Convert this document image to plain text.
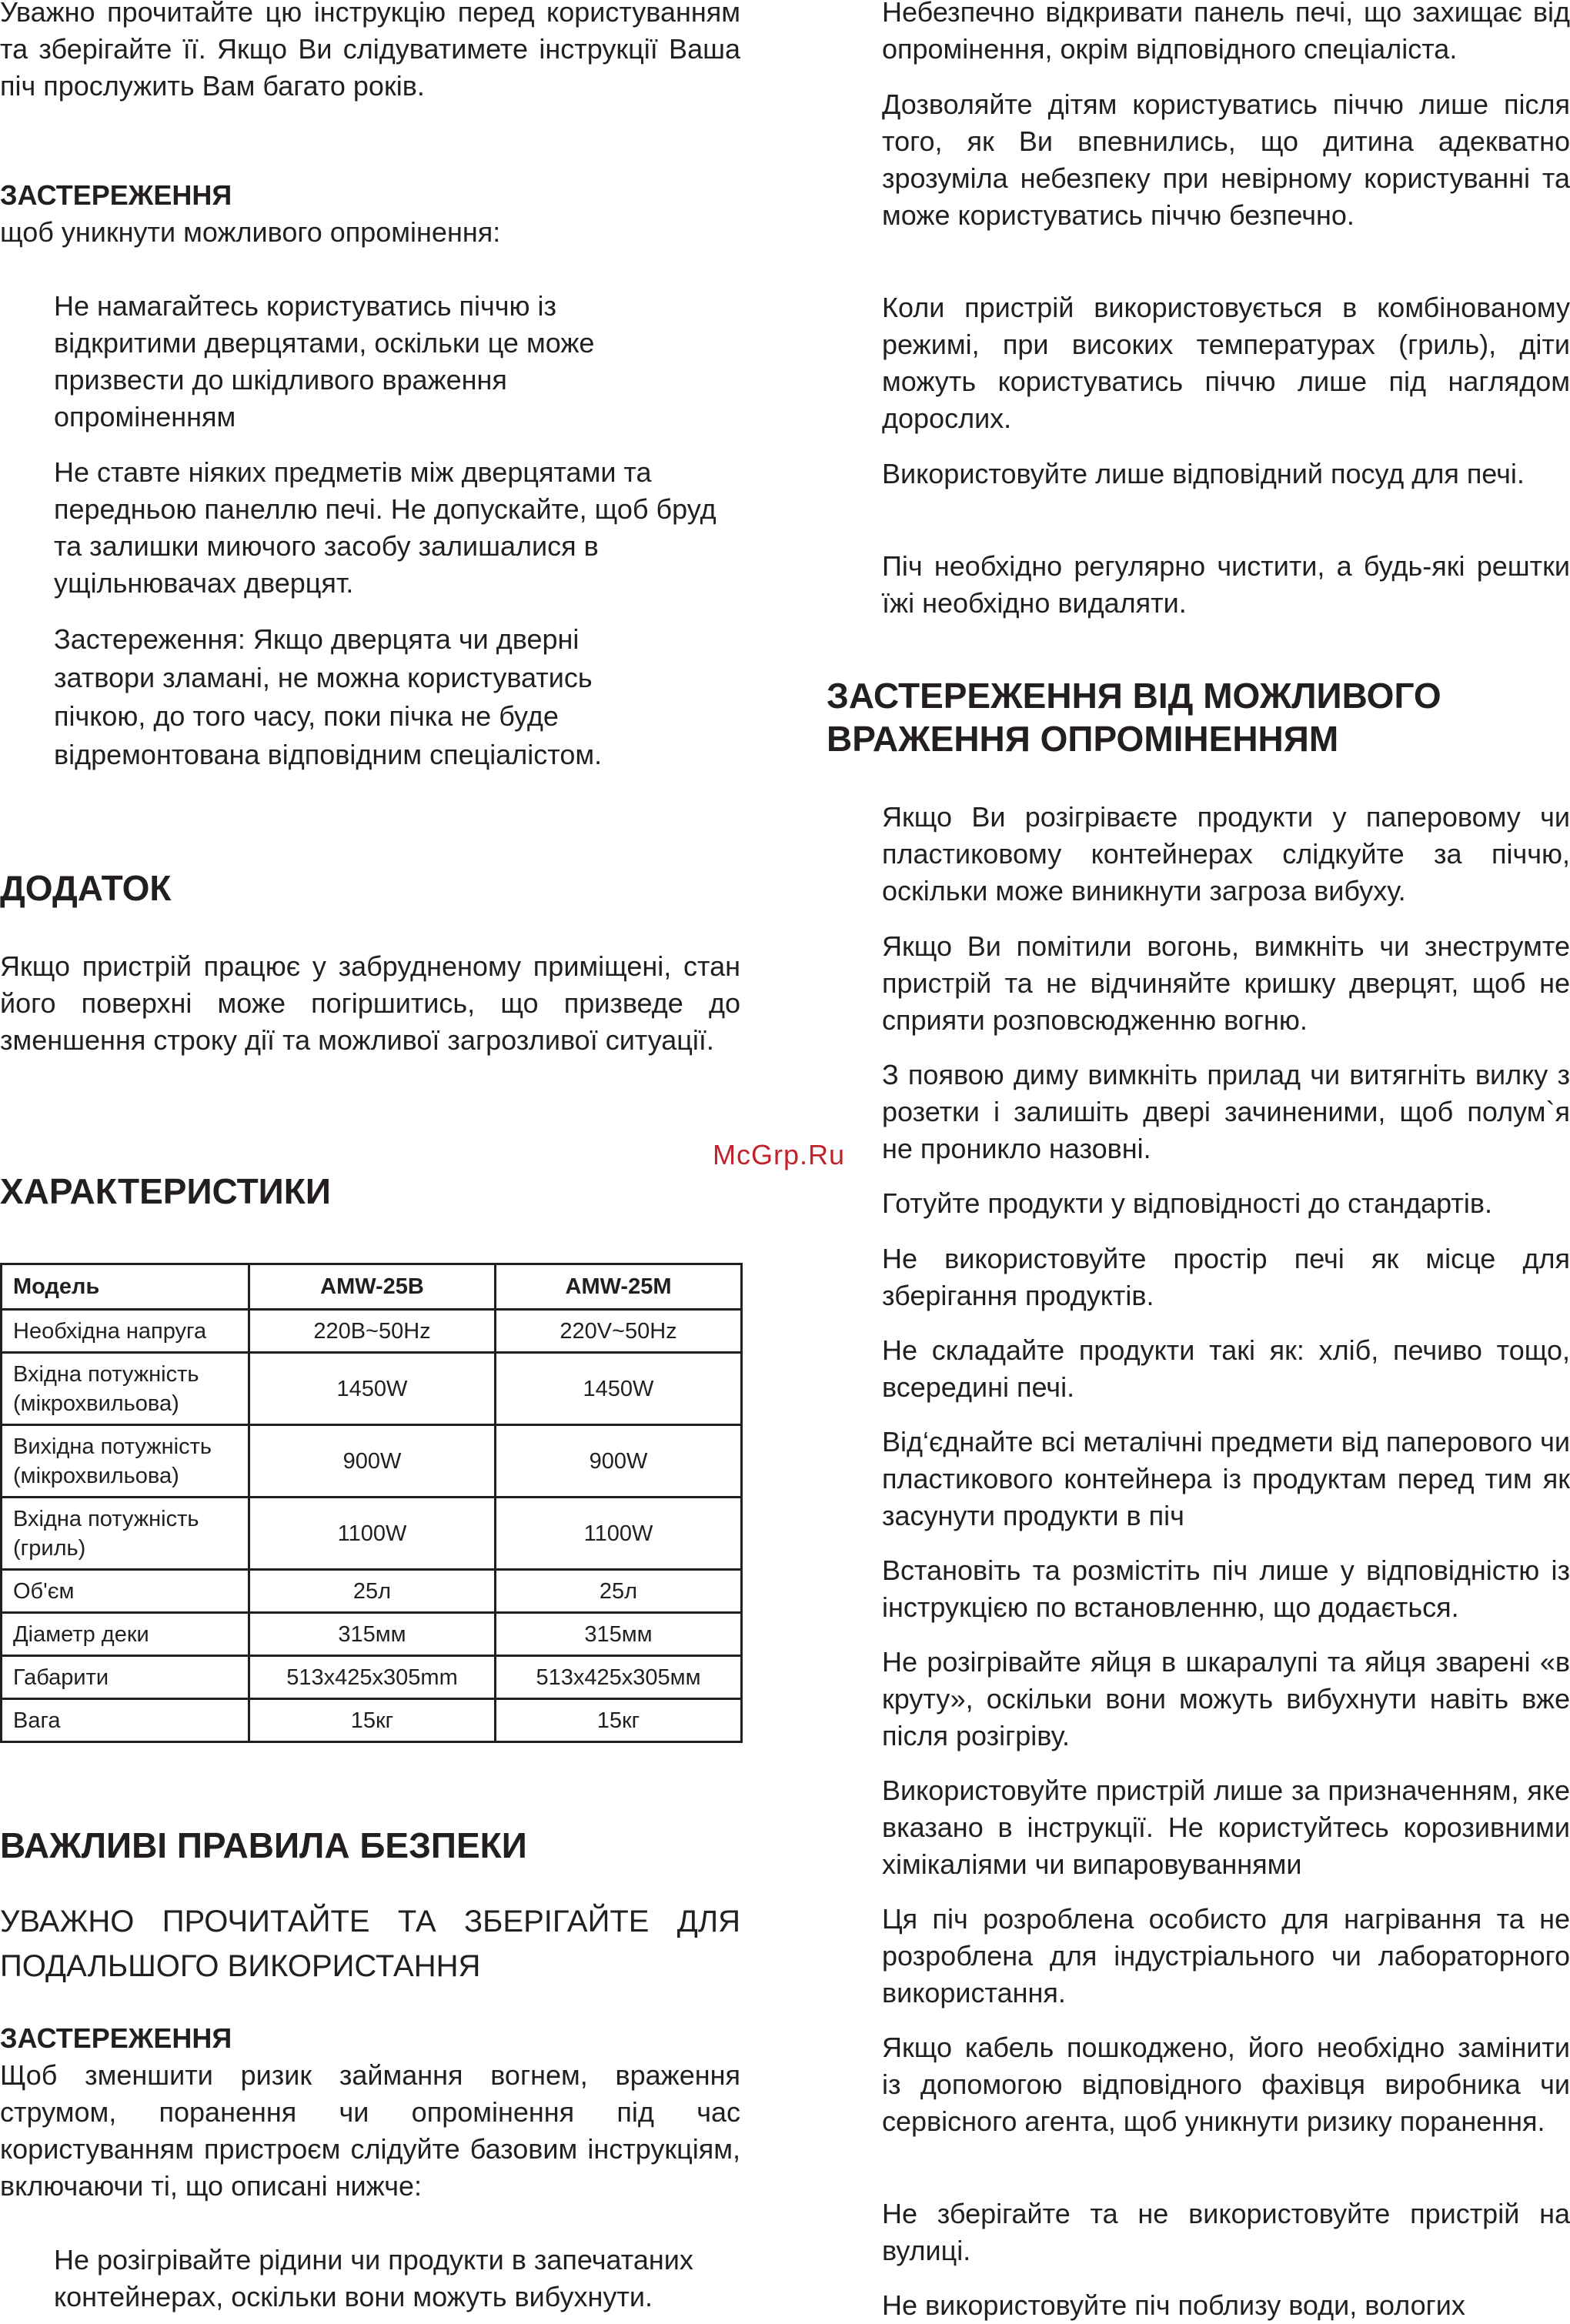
Уважно прочитайте цю інструкцію перед користуванням та зберігайте її. Якщо Ви слідуватимете інструкції Ваша піч прослужить Вам багато років.

ЗАСТЕРЕЖЕННЯ

щоб уникнути можливого опромінення:

Не намагайтесь користуватись піччю із відкритими дверцятами, оскільки це може призвести до шкідливого враження опроміненням

Не ставте ніяких предметів між дверцятами та передньою панеллю печі. Не допускайте, щоб бруд та залишки миючого засобу залишалися в ущільнювачах дверцят.

Застереження: Якщо дверцята чи дверні затвори зламані, не можна користуватись пічкою, до того часу, поки пічка не буде відремонтована відповідним спеціалістом.

ДОДАТОК

Якщо пристрій працює у забрудненому приміщені, стан його поверхні може погіршитись, що призведе до зменшення строку дії та можливої загрозливої ситуації.

ХАРАКТЕРИСТИКИ
Модель	AMW-25B	AMW-25M
Необхідна напруга	220В~50Hz	220V~50Hz
Вхідна потужність (мікрохвильова)	1450W	1450W
Вихідна потужність (мікрохвильова)	900W	900W
Вхідна потужність (гриль)	1100W	1100W
Об'єм	25л	25л
Діаметр деки	315мм	315мм
Габарити	513x425x305mm	513x425x305мм
Вага	15кг	15кг
ВАЖЛИВІ ПРАВИЛА БЕЗПЕКИ

УВАЖНО ПРОЧИТАЙТЕ ТА ЗБЕРІГАЙТЕ ДЛЯ ПОДАЛЬШОГО ВИКОРИСТАННЯ

ЗАСТЕРЕЖЕННЯ

Щоб зменшити ризик займання вогнем, враження струмом, поранення чи опромінення під час користуванням пристроєм слідуйте базовим інструкціям, включаючи ті, що описані нижче:

Не розігрівайте рідини чи продукти в запечатаних контейнерах, оскільки вони можуть вибухнути.

McGrp.Ru

Небезпечно відкривати панель печі, що захищає від опромінення, окрім відповідного спеціаліста.

Дозволяйте дітям користуватись піччю лише після того, як Ви впевнились, що дитина адекватно зрозуміла небезпеку при невірному користуванні та може користуватись піччю безпечно.

Коли пристрій використовується в комбінованому режимі, при високих температурах (гриль), діти можуть користуватись піччю лише під наглядом дорослих.

Використовуйте лише відповідний посуд для печі.

Піч необхідно регулярно чистити, а будь-які рештки їжі необхідно видаляти.

ЗАСТЕРЕЖЕННЯ ВІД МОЖЛИВОГО
ВРАЖЕННЯ ОПРОМІНЕННЯМ

Якщо Ви розігріваєте продукти у паперовому чи пластиковому контейнерах слідкуйте за піччю, оскільки може виникнути загроза вибуху.

Якщо Ви помітили вогонь, вимкніть чи знеструмте пристрій та не відчиняйте кришку дверцят, щоб не сприяти розповсюдженню вогню.

З появою диму вимкніть прилад чи витягніть вилку з розетки і залишіть двері зачиненими, щоб полум`я не проникло назовні.

Готуйте продукти у відповідності до стандартів.

Не використовуйте простір печі як місце для зберігання продуктів.

Не складайте продукти такі як: хліб, печиво тощо, всередині печі.

Від‘єднайте всі металічні предмети від паперового чи пластикового контейнера із продуктам перед тим як засунути продукти в піч

Встановіть та розмістіть піч лише у відповідністю із інструкцією по встановленню, що додається.

Не розігрівайте яйця в шкаралупі та яйця зварені «в круту», оскільки вони можуть вибухнути навіть вже після розігріву.

Використовуйте пристрій лише за призначенням, яке вказано в інструкції. Не користуйтесь корозивними хімікаліями чи випаровуваннями

Ця піч розроблена особисто для нагрівання та не розроблена для індустріального чи лабораторного використання.

Якщо кабель пошкоджено, його необхідно замінити із допомогою відповідного фахівця виробника чи сервісного агента, щоб уникнути ризику поранення.

Не зберігайте та не використовуйте пристрій на вулиці.

Не використовуйте піч поблизу води, вологих
